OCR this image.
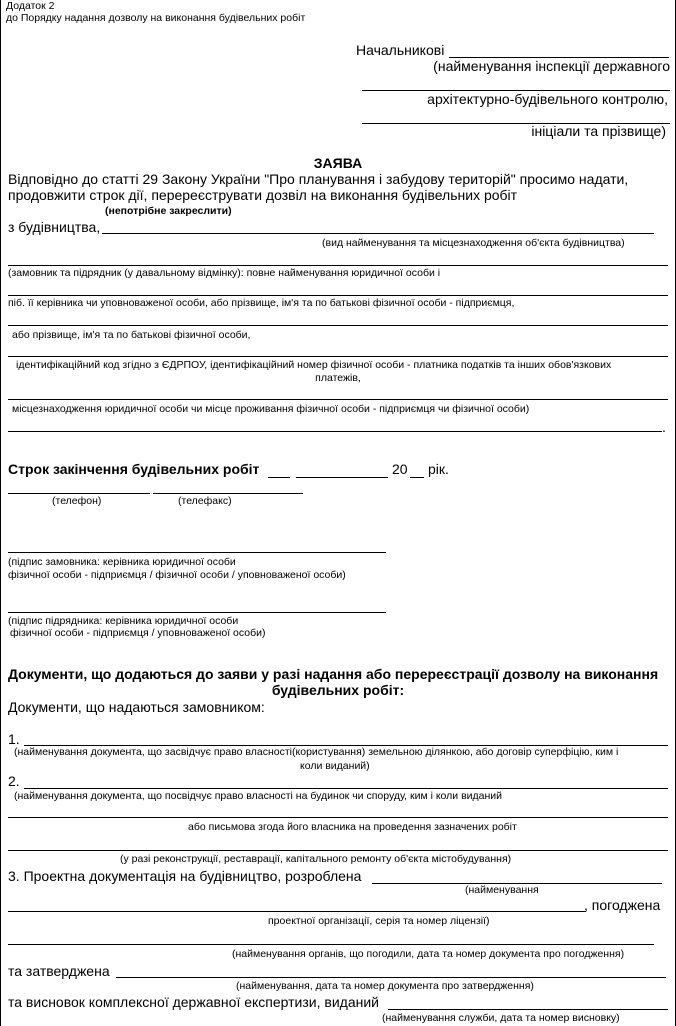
Додаток 2
до Порядку надання дозволу на виконання будівельних робіт
Начальникові
(найменування інспекції державного
архітектурно-будівельного контролю,
ініціали та прізвище)
ЗАЯВА
Відповідно до статті 29 Закону України "Про планування і забудову територій" просимо надати,
продовжити строк дії, перереєструвати дозвіл на виконання будівельних робіт
(непотрібне закреслити)
з будівництва,
(вид найменування та місцезнаходження об'єкта будівництва)
(замовник та підрядник (у давальному відмінку): повне найменування юридичної особи і
піб. її керівника чи уповноваженої особи, або прізвище, ім'я та по батькові фізичної особи - підприємця,
або прізвище, ім'я та по батькові фізичної особи,
ідентифікаційний код згідно з ЄДРПОУ, ідентифікаційний номер фізичної особи - платника податків та інших обов'язкових
платежів,
місцезнаходження юридичної особи чи місце проживання фізичної особи - підприємця чи фізичної особи)
.
Строк закінчення будівельних робіт	20 рік.
(телефон)	(телефакс)
(підпис замовника: керівника юридичної особи
фізичної особи - підприємця / фізичної особи / уповноваженої особи)
(підпис підрядника: керівника юридичної особи
фізичної особи - підприємця / уповноваженої особи)
Документи, що додаються до заяви у разі надання або перереєстрації дозволу на виконання
будівельних робіт:
Документи, що надаються замовником:
1.
(найменування документа, що засвідчує право власності(користування) земельною ділянкою, або договір суперфіцію, ким і
коли виданий)
2.
(найменування документа, що посвідчує право власності на будинок чи споруду, ким і коли виданий
або письмова згода його власника на проведення зазначених робіт
(у разі реконструкції, реставрації, капітального ремонту об'єкта містобудування)
3. Проектна документація на будівництво, розроблена
(найменування
, погоджена
проектної організації, серія та номер ліцензії)
(найменування органів, що погодили, дата та номер документа про погодження)
та затверджена
(найменування, дата та номер документа про затвердження)
та висновок комплексної державної експертизи, виданий
(найменування служби, дата та номер висновку)
